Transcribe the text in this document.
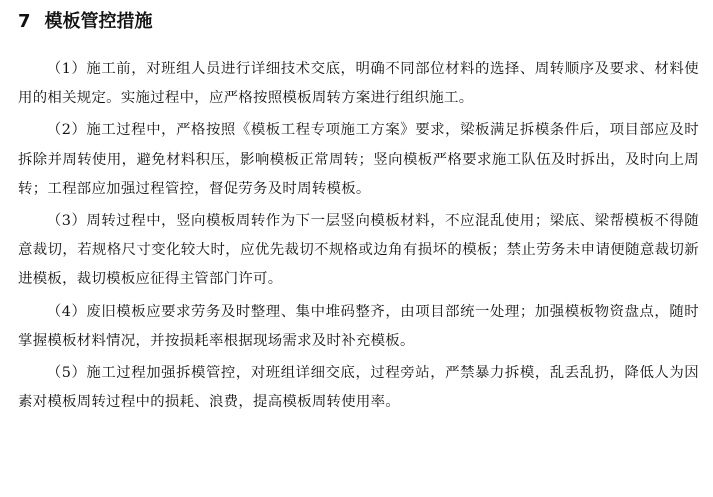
7 模板管控措施

（1）施工前，对班组人员进行详细技术交底，明确不同部位材料的选择、周转顺序及要求、材料使用的相关规定。实施过程中，应严格按照模板周转方案进行组织施工。

（2）施工过程中，严格按照《模板工程专项施工方案》要求，梁板满足拆模条件后，项目部应及时拆除并周转使用，避免材料积压，影响模板正常周转；竖向模板严格要求施工队伍及时拆出，及时向上周转；工程部应加强过程管控，督促劳务及时周转模板。

（3）周转过程中，竖向模板周转作为下一层竖向模板材料，不应混乱使用；梁底、梁帮模板不得随意裁切，若规格尺寸变化较大时，应优先裁切不规格或边角有损坏的模板；禁止劳务未申请便随意裁切新进模板，裁切模板应征得主管部门许可。

（4）废旧模板应要求劳务及时整理、集中堆码整齐，由项目部统一处理；加强模板物资盘点，随时掌握模板材料情况，并按损耗率根据现场需求及时补充模板。

（5）施工过程加强拆模管控，对班组详细交底，过程旁站，严禁暴力拆模，乱丢乱扔，降低人为因素对模板周转过程中的损耗、浪费，提高模板周转使用率。
